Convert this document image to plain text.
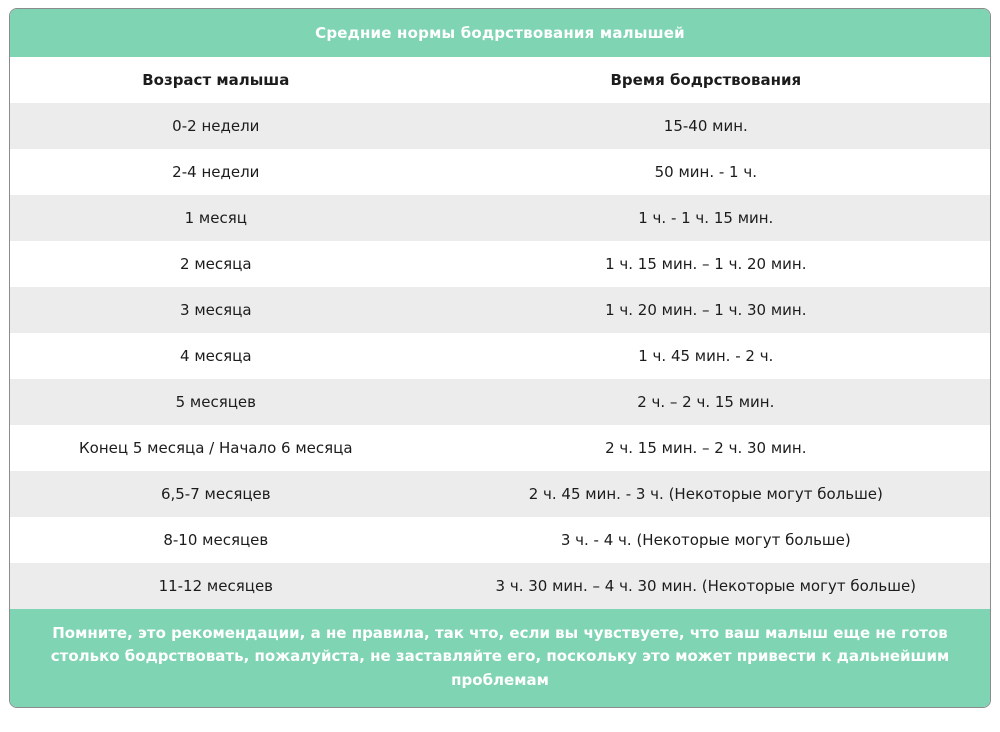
Средние нормы бодрствования малышей
Возраст малыша	Время бодрствования
0-2 недели	15-40 мин.
2-4 недели	50 мин. - 1 ч.
1 месяц	1 ч. - 1 ч. 15 мин.
2 месяца	1 ч. 15 мин. – 1 ч. 20 мин.
3 месяца	1 ч. 20 мин. – 1 ч. 30 мин.
4 месяца	1 ч. 45 мин. - 2 ч.
5 месяцев	2 ч. – 2 ч. 15 мин.
Конец 5 месяца / Начало 6 месяца	2 ч. 15 мин. – 2 ч. 30 мин.
6,5-7 месяцев	2 ч. 45 мин. - 3 ч. (Некоторые могут больше)
8-10 месяцев	3 ч. - 4 ч. (Некоторые могут больше)
11-12 месяцев	3 ч. 30 мин. – 4 ч. 30 мин. (Некоторые могут больше)
Помните, это рекомендации, а не правила, так что, если вы чувствуете, что ваш малыш еще не готов столько бодрствовать, пожалуйста, не заставляйте его, поскольку это может привести к дальнейшим проблемам
